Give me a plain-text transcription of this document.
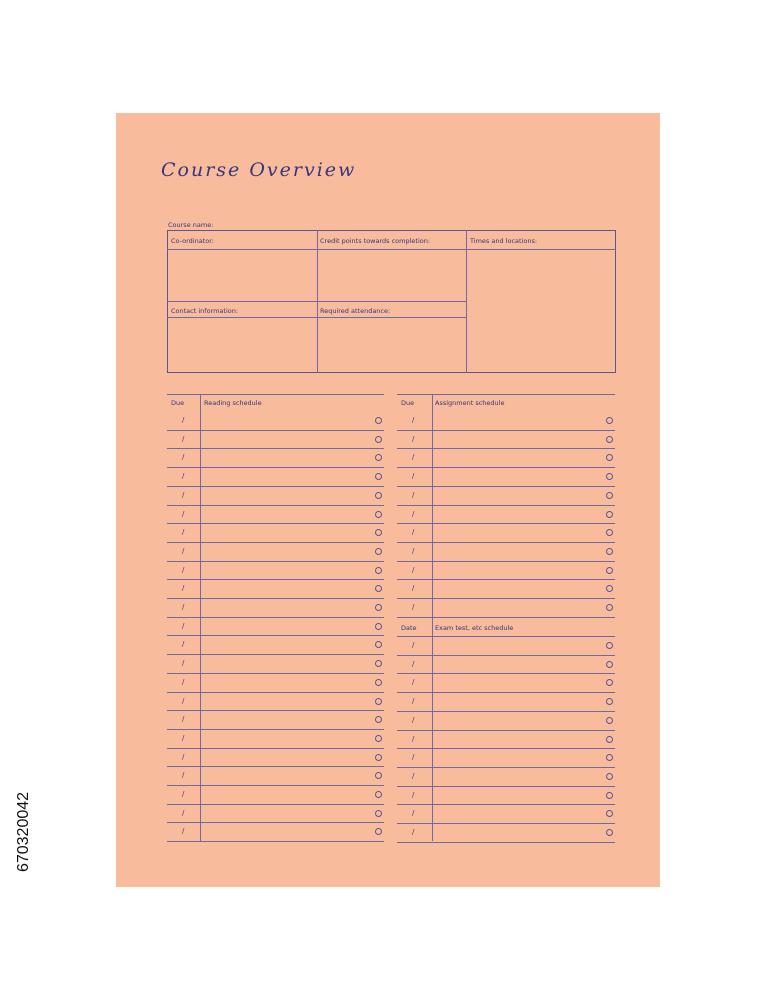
Course Overview
Course name:
Co-ordinator:	Credit points towards completion:	Times and locations:
Contact information:	Required attendance:
Due	Reading schedule
/
/
/
/
/
/
/
/
/
/
/
/
/
/
/
/
/
/
/
/
/
/
/
Due	Assignment schedule
/
/
/
/
/
/
/
/
/
/
/
Date	Exam test, etc schedule
/
/
/
/
/
/
/
/
/
/
/
670320042
